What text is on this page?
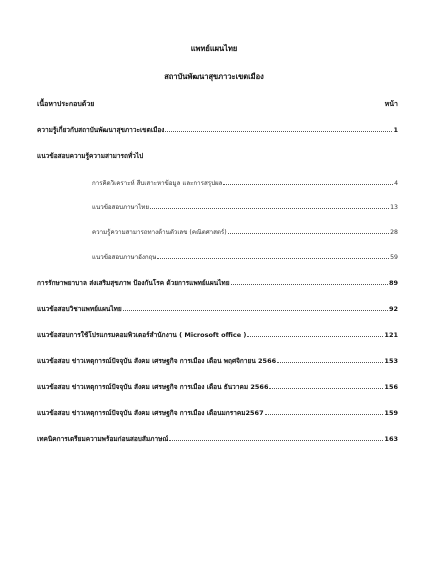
แพทย์แผนไทย
สถาบันพัฒนาสุขภาวะเขตเมือง
เนื้อหาประกอบด้วย	หน้า
ความรู้เกี่ยวกับสถาบันพัฒนาสุขภาวะเขตเมือง	1
แนวข้อสอบความรู้ความสามารถทั่วไป
การคิดวิเคราะห์ สืบเสาะหาข้อมูล และการสรุปผล	4
แนวข้อสอบภาษาไทย	13
ความรู้ความสามารถทางด้านตัวเลข (คณิตศาสตร์)	28
แนวข้อสอบภาษาอังกฤษ	59
การรักษาพยาบาล ส่งเสริมสุขภาพ ป้องกันโรค ด้วยการแพทย์แผนไทย	89
แนวข้อสอบวิชาแพทย์แผนไทย	92
แนวข้อสอบการใช้โปรแกรมคอมพิวเตอร์สำนักงาน ( Microsoft office )	121
แนวข้อสอบ ข่าวเหตุการณ์ปัจจุบัน สังคม เศรษฐกิจ การเมือง เดือน พฤศจิกายน 2566	153
แนวข้อสอบ ข่าวเหตุการณ์ปัจจุบัน สังคม เศรษฐกิจ การเมือง เดือน ธันวาคม 2566	156
แนวข้อสอบ ข่าวเหตุการณ์ปัจจุบัน สังคม เศรษฐกิจ การเมือง เดือนมกราคม2567	159
เทคนิคการเตรียมความพร้อมก่อนสอบสัมภาษณ์	163
